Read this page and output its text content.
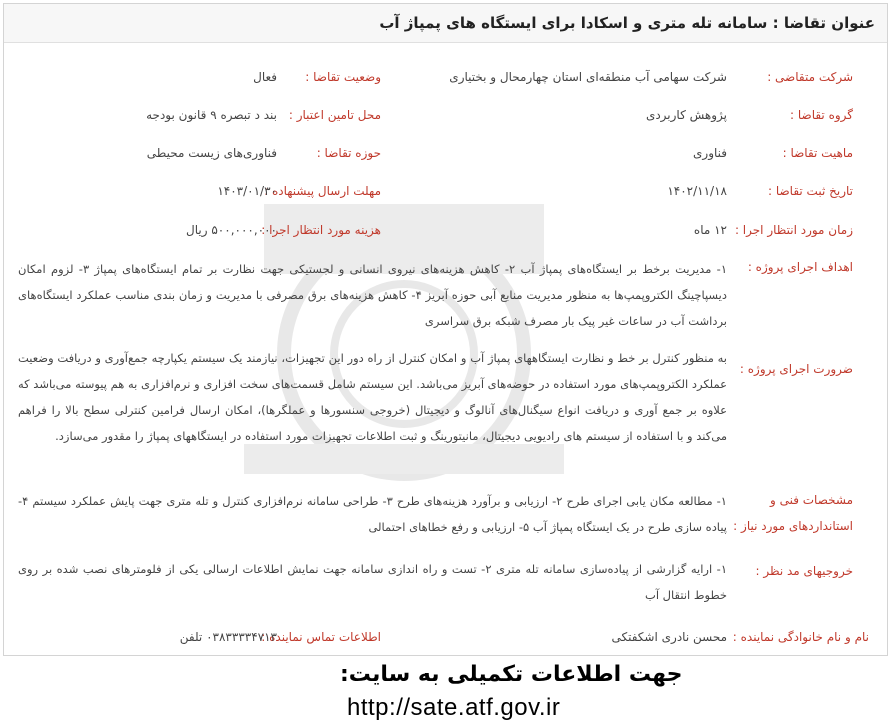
عنوان تقاضا : سامانه تله متری و اسکادا برای ایستگاه های پمپاژ آب
شرکت متقاضی :
شرکت سهامی آب منطقه‌ای استان چهارمحال و بختیاری
وضعیت تقاضا :
فعال
گروه تقاضا :
پژوهش کاربردی
محل تامین اعتبار :
بند د تبصره ۹ قانون بودجه
ماهیت تقاضا :
فناوری
حوزه تقاضا :
فناوری‌های زیست محیطی
تاریخ ثبت تقاضا :
۱۴۰۲/۱۱/۱۸
مهلت ارسال پیشنهاده :
۱۴۰۳/۰۱/۳۰
زمان مورد انتظار اجرا :
۱۲ ماه
هزینه مورد انتظار اجرا :
۵۰۰,۰۰۰,۰۰۰ ریال
اهداف اجرای پروژه :
۱- مدیریت برخط بر ایستگاه‌های پمپاژ آب ۲- کاهش هزینه‌های نیروی انسانی و لجستیکی جهت نظارت بر تمام ایستگاه‌های پمپاژ ۳- لزوم امکان دیسپاچینگ الکتروپمپ‌ها به منظور مدیریت منابع آبی حوزه آبریز ۴- کاهش هزینه‌های برق مصرفی با مدیریت و زمان بندی مناسب عملکرد ایستگاه‌های برداشت آب در ساعات غیر پیک بار مصرف شبکه برق سراسری
ضرورت اجرای پروژه :
به منظور کنترل بر خط و نظارت ایستگاههای پمپاژ آب و امکان کنترل از راه دور این تجهیزات، نیازمند یک سیستم یکپارچه جمع‌آوری و دریافت وضعیت عملکرد الکتروپمپ‌های مورد استفاده در حوضه‌های آبریز می‌باشد. این سیستم شامل قسمت‌های سخت افزاری و نرم‌افزاری به هم پیوسته می‌باشد که علاوه بر جمع آوری و دریافت انواع سیگنال‌های آنالوگ و دیجیتال (خروجی سنسورها و عملگرها)، امکان ارسال فرامین کنترلی سطح بالا را فراهم می‌کند و با استفاده از سیستم های رادیویی دیجیتال، مانیتورینگ و ثبت اطلاعات تجهیزات مورد استفاده در ایستگاههای پمپاژ را مقدور می‌سازد.
مشخصات فنی و
استانداردهای مورد نیاز :
۱- مطالعه مکان یابی اجرای طرح ۲- ارزیابی و برآورد هزینه‌های طرح ۳- طراحی سامانه نرم‌افزاری کنترل و تله متری جهت پایش عملکرد سیستم ۴- پیاده سازی طرح در یک ایستگاه پمپاژ آب ۵- ارزیابی و رفع خطاهای احتمالی
خروجیهای مد نظر :
۱- ارایه گزارشی از پیاده‌سازی سامانه تله متری ۲- تست و راه اندازی سامانه جهت نمایش اطلاعات ارسالی یکی از فلومترهای نصب شده بر روی خطوط انتقال آب
نام و نام خانوادگی نماینده :
محسن نادری اشکفتکی
اطلاعات تماس نماینده :
۰۳۸۳۳۳۳۴۷۱۳ تلفن
جهت اطلاعات تکمیلی به سایت:
http://sate.atf.gov.ir
